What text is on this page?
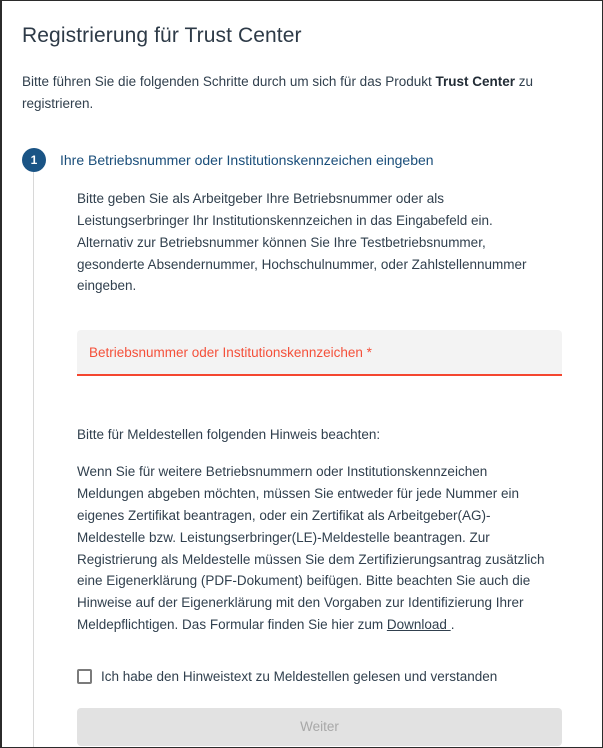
Registrierung für Trust Center

Bitte führen Sie die folgenden Schritte durch um sich für das Produkt Trust Center zu registrieren.

1	Ihre Betriebsnummer oder Institutionskennzeichen eingeben

Bitte geben Sie als Arbeitgeber Ihre Betriebsnummer oder als Leistungserbringer Ihr Institutionskennzeichen in das Eingabefeld ein. Alternativ zur Betriebsnummer können Sie Ihre Testbetriebsnummer, gesonderte Absendernummer, Hochschulnummer, oder Zahlstellennummer eingeben.

Betriebsnummer oder Institutionskennzeichen *

Bitte für Meldestellen folgenden Hinweis beachten:

Wenn Sie für weitere Betriebsnummern oder Institutionskennzeichen Meldungen abgeben möchten, müssen Sie entweder für jede Nummer ein eigenes Zertifikat beantragen, oder ein Zertifikat als Arbeitgeber(AG)-Meldestelle bzw. Leistungserbringer(LE)-Meldestelle beantragen. Zur Registrierung als Meldestelle müssen Sie dem Zertifizierungsantrag zusätzlich eine Eigenerklärung (PDF-Dokument) beifügen. Bitte beachten Sie auch die Hinweise auf der Eigenerklärung mit den Vorgaben zur Identifizierung Ihrer Meldepflichtigen. Das Formular finden Sie hier zum Download .

Ich habe den Hinweistext zu Meldestellen gelesen und verstanden
Weiter
